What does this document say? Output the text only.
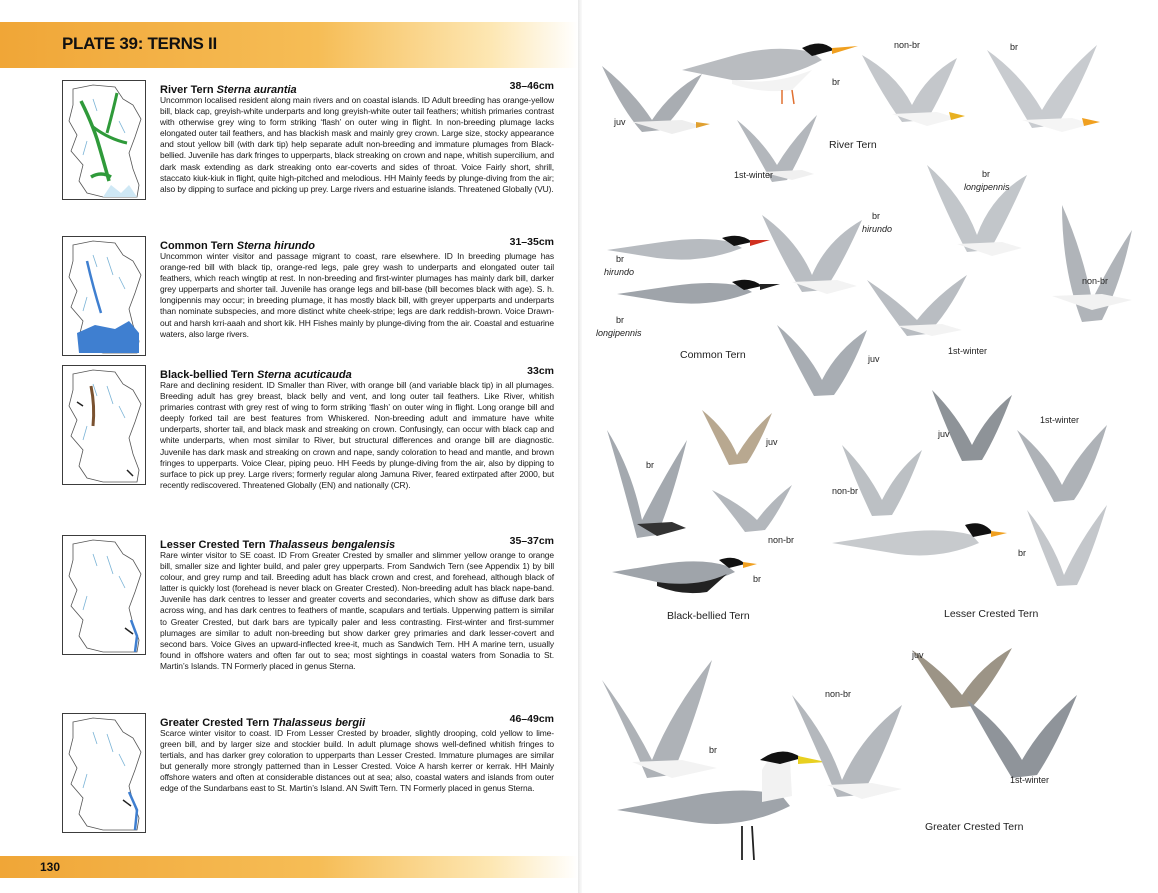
PLATE 39: TERNS II
River Tern Sterna aurantia	38–46cm
Uncommon localised resident along main rivers and on coastal islands. ID Adult breeding has orange-yellow bill, black cap, greyish-white underparts and long greyish-white outer tail feathers; whitish primaries contrast with otherwise grey wing to form striking ‘flash’ on outer wing in flight. In non-breeding plumage lacks elongated outer tail feathers, and has blackish mask and mainly grey crown. Large size, stocky appearance and stout yellow bill (with dark tip) help separate adult non-breeding and immature plumages from Black-bellied. Juvenile has dark fringes to upperparts, black streaking on crown and nape, whitish supercilium, and dark mask extending as dark streaking onto ear-coverts and sides of throat. Voice Fairly short, shrill, staccato kiuk-kiuk in flight, quite high-pitched and melodious. HH Mainly feeds by plunge-diving from the air; also by dipping to surface and picking up prey. Large rivers and estuarine islands. Threatened Globally (VU).
Common Tern Sterna hirundo	31–35cm
Uncommon winter visitor and passage migrant to coast, rare elsewhere. ID In breeding plumage has orange-red bill with black tip, orange-red legs, pale grey wash to underparts and elongated outer tail feathers, which reach wingtip at rest. In non-breeding and first-winter plumages has mainly dark bill, darker grey upperparts and shorter tail. Juvenile has orange legs and bill-base (bill becomes black with age). S. h. longipennis may occur; in breeding plumage, it has mostly black bill, with greyer upperparts and underparts than nominate subspecies, and more distinct white cheek-stripe; legs are dark reddish-brown. Voice Drawn-out and harsh krri-aaah and short kik. HH Fishes mainly by plunge-diving from the air. Coastal and estuarine waters, also large rivers.
Black-bellied Tern Sterna acuticauda	33cm
Rare and declining resident. ID Smaller than River, with orange bill (and variable black tip) in all plumages. Breeding adult has grey breast, black belly and vent, and long outer tail feathers. Like River, whitish primaries contrast with grey rest of wing to form striking ‘flash’ on outer wing in flight. Long orange bill and deeply forked tail are best features from Whiskered. Non-breeding adult and immature have white underparts, shorter tail, and black mask and streaking on crown. Confusingly, can occur with black cap and white underparts, when most similar to River, but structural differences and orange bill are diagnostic. Juvenile has dark mask and streaking on crown and nape, sandy coloration to head and mantle, and brown fringes to upperparts. Voice Clear, piping peuo. HH Feeds by plunge-diving from the air, also by dipping to surface to pick up prey. Large rivers; formerly regular along Jamuna River, feared extirpated after 2000, but recently rediscovered. Threatened Globally (EN) and nationally (CR).
Lesser Crested Tern Thalasseus bengalensis	35–37cm
Rare winter visitor to SE coast. ID From Greater Crested by smaller and slimmer yellow orange to orange bill, smaller size and lighter build, and paler grey upperparts. From Sandwich Tern (see Appendix 1) by bill colour, and grey rump and tail. Breeding adult has black crown and crest, and forehead, although black of latter is quickly lost (forehead is never black on Greater Crested). Non-breeding adult has black nape-band. Juvenile has dark centres to lesser and greater coverts and secondaries, which show as diffuse dark bars across wing, and has dark centres to feathers of mantle, scapulars and tertials. Upperwing pattern is similar to Greater Crested, but dark bars are typically paler and less contrasting. First-winter and first-summer plumages are similar to adult non-breeding but show darker grey primaries and dark lesser-covert and second bars. Voice Gives an upward-inflected kree-it, much as Sandwich Tern. HH A marine tern, usually found in offshore waters and often far out to sea; most sightings in coastal waters from Sonadia to St. Martin’s Islands. TN Formerly placed in genus Sterna.
Greater Crested Tern Thalasseus bergii	46–49cm
Scarce winter visitor to coast. ID From Lesser Crested by broader, slightly drooping, cold yellow to lime-green bill, and by larger size and stockier build. In adult plumage shows well-defined whitish fringes to tertials, and has darker grey coloration to upperparts than Lesser Crested. Immature plumages are similar but generally more strongly patterned than in Lesser Crested. Voice A harsh kerrer or kerrak. HH Mainly offshore waters and often at considerable distances out at sea; also, coastal waters and islands from outer edge of the Sundarbans east to St. Martin’s Island. AN Swift Tern. TN Formerly placed in genus Sterna.
130
juv
br
non-br	br
1st-winter
River Tern
br
longipennis
br
hirundo
br
hirundo
non-br
br
longipennis
1st-winter
juv
Common Tern
juv
br
juv
1st-winter
non-br
non-br
br
br
Black-bellied Tern	Lesser Crested Tern
juv
non-br
br
1st-winter
Greater Crested Tern
